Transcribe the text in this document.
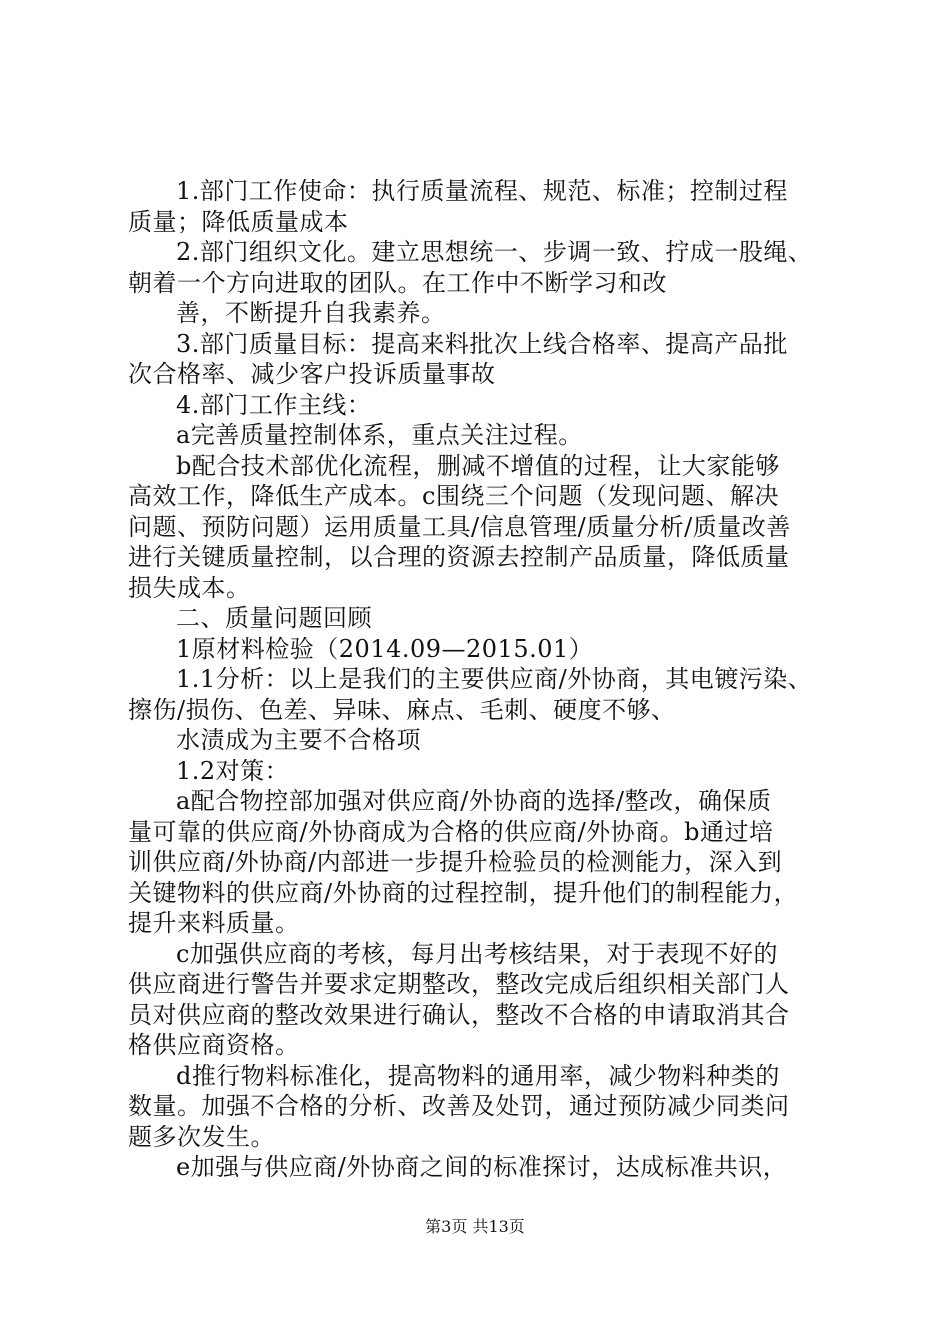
1.部门工作使命：执行质量流程、规范、标准；控制过程
质量；降低质量成本
2.部门组织文化。建立思想统一、步调一致、拧成一股绳、
朝着一个方向进取的团队。在工作中不断学习和改
善，不断提升自我素养。
3.部门质量目标：提高来料批次上线合格率、提高产品批
次合格率、减少客户投诉质量事故
4.部门工作主线：
a完善质量控制体系，重点关注过程。
b配合技术部优化流程，删减不增值的过程，让大家能够
高效工作，降低生产成本。c围绕三个问题（发现问题、解决
问题、预防问题）运用质量工具/信息管理/质量分析/质量改善
进行关键质量控制，以合理的资源去控制产品质量，降低质量
损失成本。
二、质量问题回顾
1原材料检验（2014.09—2015.01）
1.1分析：以上是我们的主要供应商/外协商，其电镀污染、
擦伤/损伤、色差、异味、麻点、毛刺、硬度不够、
水渍成为主要不合格项
1.2对策：
a配合物控部加强对供应商/外协商的选择/整改，确保质
量可靠的供应商/外协商成为合格的供应商/外协商。b通过培
训供应商/外协商/内部进一步提升检验员的检测能力，深入到
关键物料的供应商/外协商的过程控制，提升他们的制程能力，
提升来料质量。
c加强供应商的考核，每月出考核结果，对于表现不好的
供应商进行警告并要求定期整改，整改完成后组织相关部门人
员对供应商的整改效果进行确认，整改不合格的申请取消其合
格供应商资格。
d推行物料标准化，提高物料的通用率，减少物料种类的
数量。加强不合格的分析、改善及处罚，通过预防减少同类问
题多次发生。
e加强与供应商/外协商之间的标准探讨，达成标准共识，
第3页 共13页
